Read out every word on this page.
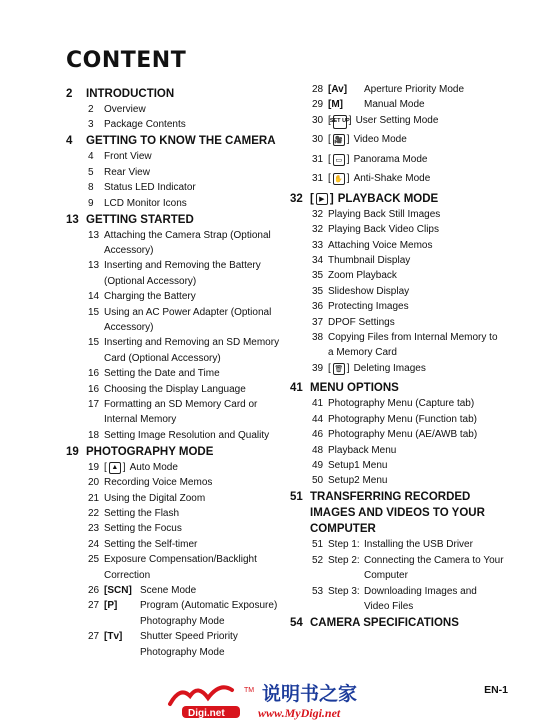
CONTENT
2	INTRODUCTION
2	Overview
3	Package Contents
4	GETTING TO KNOW THE CAMERA
4	Front View
5	Rear View
8	Status LED Indicator
9	LCD Monitor Icons
13 GETTING STARTED
13 Attaching the Camera Strap (Optional
Accessory)
13 Inserting and Removing the Battery
(Optional Accessory)
14 Charging the Battery
15 Using an AC Power Adapter (Optional
Accessory)
15 Inserting and Removing an SD Memory
Card (Optional Accessory)
16 Setting the Date and Time
16 Choosing the Display Language
17 Formatting an SD Memory Card or
Internal Memory
18 Setting Image Resolution and Quality
19 PHOTOGRAPHY MODE
19 [ ▲ ] Auto Mode
20 Recording Voice Memos
21 Using the Digital Zoom
22 Setting the Flash
23 Setting the Focus
24 Setting the Self-timer
25 Exposure Compensation/Backlight
Correction
26 [SCN] Scene Mode
27 [P]	Program (Automatic Exposure)
Photography Mode
27 [Tv]	Shutter Speed Priority
Photography Mode
28 [Av]	Aperture Priority Mode
29 [M]	Manual Mode
30 [ SET UP ] User Setting Mode
30 [ 🎥 ] Video Mode
31 [ ▭ ] Panorama Mode
31 [ ✋ ] Anti-Shake Mode
32 [ ▶ ] PLAYBACK MODE
32 Playing Back Still Images
32 Playing Back Video Clips
33 Attaching Voice Memos
34 Thumbnail Display
35 Zoom Playback
35 Slideshow Display
36 Protecting Images
37 DPOF Settings
38 Copying Files from Internal Memory to
a Memory Card
39 [ 🗑 ] Deleting Images
41 MENU OPTIONS
41 Photography Menu (Capture tab)
44 Photography Menu (Function tab)
46 Photography Menu (AE/AWB tab)
48 Playback Menu
49 Setup1 Menu
50 Setup2 Menu
51 TRANSFERRING RECORDED
IMAGES AND VIDEOS TO YOUR
COMPUTER
51 Step 1: Installing the USB Driver
52 Step 2: Connecting the Camera to Your
Computer
53 Step 3: Downloading Images and
Video Files
54 CAMERA SPECIFICATIONS
TM
Digi.net
说明书之家
www.MyDigi.net
EN-1
